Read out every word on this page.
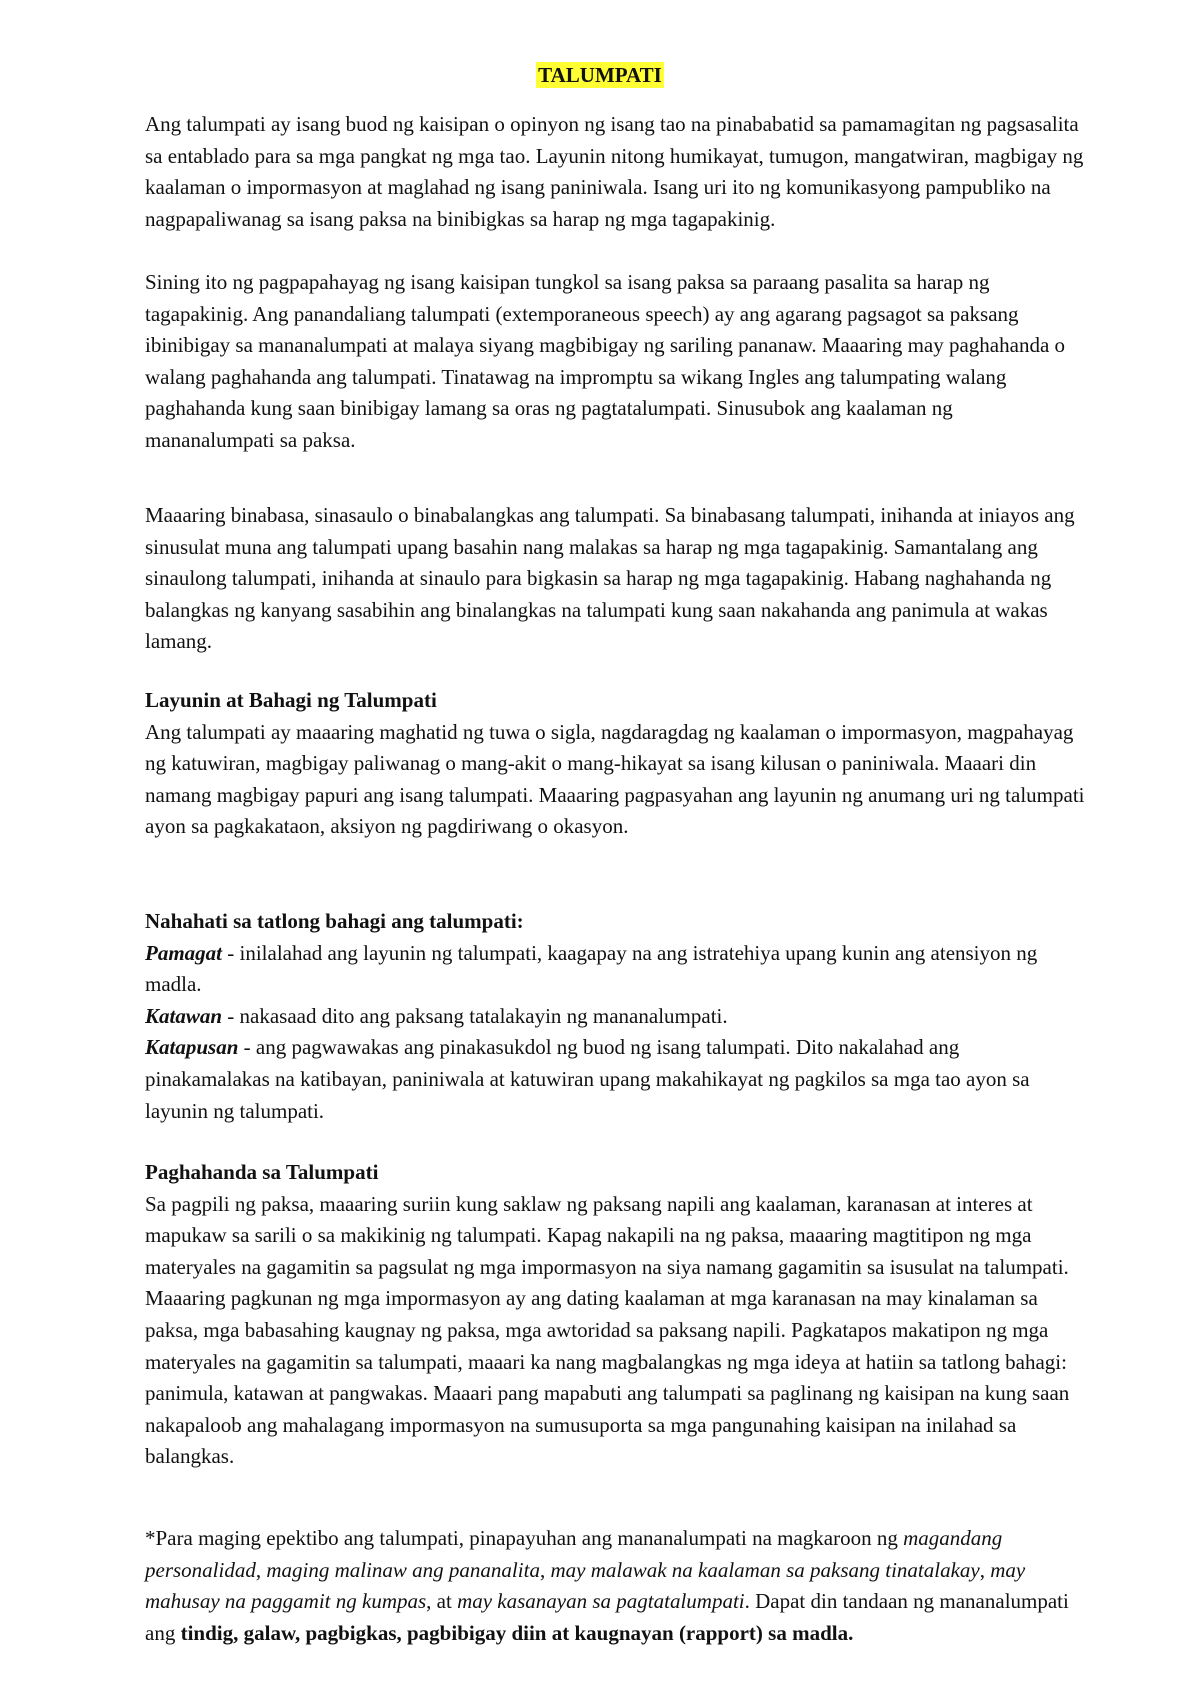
TALUMPATI

Ang talumpati ay isang buod ng kaisipan o opinyon ng isang tao na pinababatid sa pamamagitan ng pagsasalita sa entablado para sa mga pangkat ng mga tao. Layunin nitong humikayat, tumugon, mangatwiran, magbigay ng kaalaman o impormasyon at maglahad ng isang paniniwala. Isang uri ito ng komunikasyong pampubliko na nagpapaliwanag sa isang paksa na binibigkas sa harap ng mga tagapakinig.

Sining ito ng pagpapahayag ng isang kaisipan tungkol sa isang paksa sa paraang pasalita sa harap ng tagapakinig. Ang panandaliang talumpati (extemporaneous speech) ay ang agarang pagsagot sa paksang ibinibigay sa mananalumpati at malaya siyang magbibigay ng sariling pananaw. Maaaring may paghahanda o walang paghahanda ang talumpati. Tinatawag na impromptu sa wikang Ingles ang talumpating walang paghahanda kung saan binibigay lamang sa oras ng pagtatalumpati. Sinusubok ang kaalaman ng mananalumpati sa paksa.

Maaaring binabasa, sinasaulo o binabalangkas ang talumpati. Sa binabasang talumpati, inihanda at iniayos ang sinusulat muna ang talumpati upang basahin nang malakas sa harap ng mga tagapakinig. Samantalang ang sinaulong talumpati, inihanda at sinaulo para bigkasin sa harap ng mga tagapakinig. Habang naghahanda ng balangkas ng kanyang sasabihin ang binalangkas na talumpati kung saan nakahanda ang panimula at wakas lamang.

Layunin at Bahagi ng Talumpati
Ang talumpati ay maaaring maghatid ng tuwa o sigla, nagdaragdag ng kaalaman o impormasyon, magpahayag ng katuwiran, magbigay paliwanag o mang-akit o mang-hikayat sa isang kilusan o paniniwala. Maaari din namang magbigay papuri ang isang talumpati. Maaaring pagpasyahan ang layunin ng anumang uri ng talumpati ayon sa pagkakataon, aksiyon ng pagdiriwang o okasyon.
Nahahati sa tatlong bahagi ang talumpati:
Pamagat - inilalahad ang layunin ng talumpati, kaagapay na ang istratehiya upang kunin ang atensiyon ng madla.
Katawan - nakasaad dito ang paksang tatalakayin ng mananalumpati.
Katapusan - ang pagwawakas ang pinakasukdol ng buod ng isang talumpati. Dito nakalahad ang pinakamalakas na katibayan, paniniwala at katuwiran upang makahikayat ng pagkilos sa mga tao ayon sa layunin ng talumpati.
Paghahanda sa Talumpati
Sa pagpili ng paksa, maaaring suriin kung saklaw ng paksang napili ang kaalaman, karanasan at interes at mapukaw sa sarili o sa makikinig ng talumpati. Kapag nakapili na ng paksa, maaaring magtitipon ng mga materyales na gagamitin sa pagsulat ng mga impormasyon na siya namang gagamitin sa isusulat na talumpati. Maaaring pagkunan ng mga impormasyon ay ang dating kaalaman at mga karanasan na may kinalaman sa paksa, mga babasahing kaugnay ng paksa, mga awtoridad sa paksang napili. Pagkatapos makatipon ng mga materyales na gagamitin sa talumpati, maaari ka nang magbalangkas ng mga ideya at hatiin sa tatlong bahagi: panimula, katawan at pangwakas. Maaari pang mapabuti ang talumpati sa paglinang ng kaisipan na kung saan nakapaloob ang mahalagang impormasyon na sumusuporta sa mga pangunahing kaisipan na inilahad sa balangkas.

*Para maging epektibo ang talumpati, pinapayuhan ang mananalumpati na magkaroon ng magandang personalidad, maging malinaw ang pananalita, may malawak na kaalaman sa paksang tinatalakay, may mahusay na paggamit ng kumpas, at may kasanayan sa pagtatalumpati. Dapat din tandaan ng mananalumpati ang tindig, galaw, pagbigkas, pagbibigay diin at kaugnayan (rapport) sa madla.
